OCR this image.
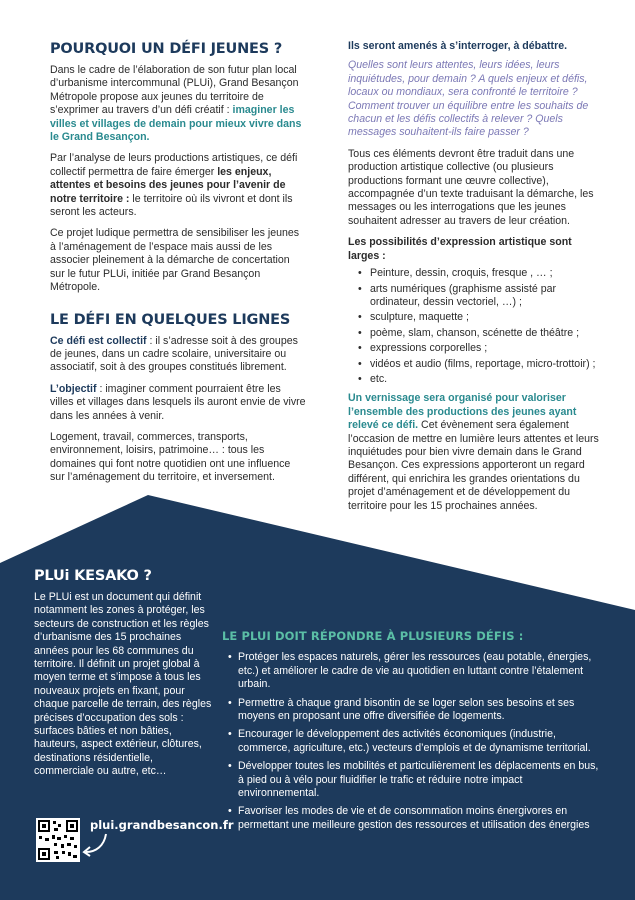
POURQUOI UN DÉFI JEUNES ?

Dans le cadre de l’élaboration de son futur plan local d’urbanisme intercommunal (PLUi), Grand Besançon Métropole propose aux jeunes du territoire de s’exprimer au travers d’un défi créatif : imaginer les villes et villages de demain pour mieux vivre dans le Grand Besançon.

Par l’analyse de leurs productions artistiques, ce défi collectif permettra de faire émerger les enjeux, attentes et besoins des jeunes pour l’avenir de notre territoire : le territoire où ils vivront et dont ils seront les acteurs.

Ce projet ludique permettra de sensibiliser les jeunes à l’aménagement de l’espace mais aussi de les associer pleinement à la démarche de concertation sur le futur PLUi, initiée par Grand Besançon Métropole.

LE DÉFI EN QUELQUES LIGNES

Ce défi est collectif : il s’adresse soit à des groupes de jeunes, dans un cadre scolaire, universitaire ou associatif, soit à des groupes constitués librement.

L’objectif : imaginer comment pourraient être les villes et villages dans lesquels ils auront envie de vivre dans les années à venir.

Logement, travail, commerces, transports, environnement, loisirs, patrimoine… : tous les domaines qui font notre quotidien ont une influence sur l’aménagement du territoire, et inversement.

Ils seront amenés à s’interroger, à débattre.

Quelles sont leurs attentes, leurs idées, leurs inquiétudes, pour demain ? A quels enjeux et défis, locaux ou mondiaux, sera confronté le territoire ? Comment trouver un équilibre entre les souhaits de chacun et les défis collectifs à relever ? Quels messages souhaitent-ils faire passer ?

Tous ces éléments devront être traduit dans une production artistique collective (ou plusieurs productions formant une œuvre collective), accompagnée d’un texte traduisant la démarche, les messages ou les interrogations que les jeunes souhaitent adresser au travers de leur création.

Les possibilités d’expression artistique sont larges :

• Peinture, dessin, croquis, fresque , … ;
• arts numériques (graphisme assisté par ordinateur, dessin vectoriel, …) ;
• sculpture, maquette ;
• poème, slam, chanson, scénette de théâtre ;
• expressions corporelles ;
• vidéos et audio (films, reportage, micro-trottoir) ;
• etc.

Un vernissage sera organisé pour valoriser l’ensemble des productions des jeunes ayant relevé ce défi. Cet évènement sera également l’occasion de mettre en lumière leurs attentes et leurs inquiétudes pour bien vivre demain dans le Grand Besançon. Ces expressions apporteront un regard différent, qui enrichira les grandes orientations du projet d’aménagement et de développement du territoire pour les 15 prochaines années.

PLUi KESAKO ?

Le PLUi est un document qui définit notamment les zones à protéger, les secteurs de construction et les règles d’urbanisme des 15 prochaines années pour les 68 communes du territoire. Il définit un projet global à moyen terme et s’impose à tous les nouveaux projets en fixant, pour chaque parcelle de terrain, des règles précises d’occupation des sols : surfaces bâties et non bâties, hauteurs, aspect extérieur, clôtures, destinations résidentielle, commerciale ou autre, etc…

LE PLUI DOIT RÉPONDRE À PLUSIEURS DÉFIS :
• Protéger les espaces naturels, gérer les ressources (eau potable, énergies, etc.) et améliorer le cadre de vie au quotidien en luttant contre l’étalement urbain.
• Permettre à chaque grand bisontin de se loger selon ses besoins et ses moyens en proposant une offre diversifiée de logements.
• Encourager le développement des activités économiques (industrie, commerce, agriculture, etc.) vecteurs d’emplois et de dynamisme territorial.
• Développer toutes les mobilités et particulièrement les déplacements en bus, à pied ou à vélo pour fluidifier le trafic et réduire notre impact environnemental.
• Favoriser les modes de vie et de consommation moins énergivores en permettant une meilleure gestion des ressources et utilisation des énergies
plui.grandbesancon.fr
